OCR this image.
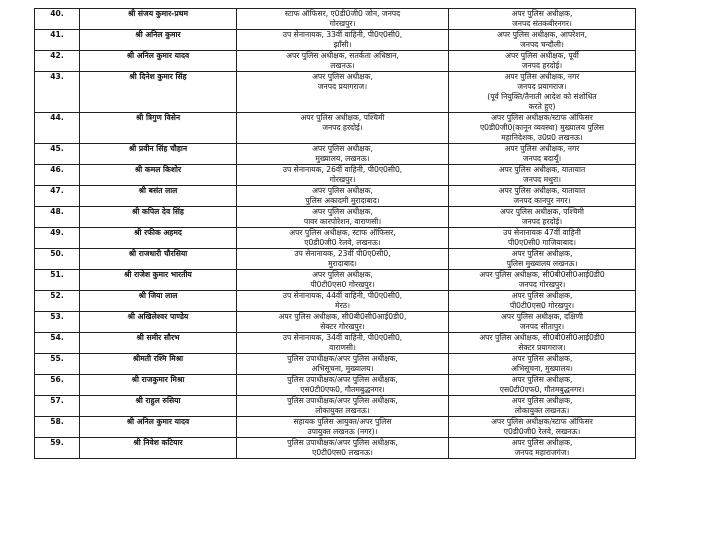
40.	श्री संजय कुमार-प्रथम	स्टाफ ऑफिसर, ए0डी0जी0 जोन, जनपद
गोरखपुर।	अपर पुलिस अधीक्षक,
जनपद संतकबीरनगर।

41.	श्री अनिल कुमार	उप सेनानायक, 33वीं वाहिनी, पी0ए0सी0,
झाँसी।	अपर पुलिस अधीक्षक, आपरेशन,
जनपद चन्दौली।

42.	श्री अनिल कुमार यादव	अपर पुलिस अधीक्षक, सतर्कता अधिष्ठान,
लखनऊ।	अपर पुलिस अधीक्षक, पूर्वी
जनपद हरदोई।

43.	श्री दिनेश कुमार सिंह	अपर पुलिस अधीक्षक,
जनपद प्रयागराज।	अपर पुलिस अधीक्षक, नगर
जनपद प्रयागराज।
(पूर्व नियुक्ति/तैनाती आदेश को संशोधित
करते हुए)

44.	श्री त्रिगुण विसेन	अपर पुलिस अधीक्षक, पश्चिमी
जनपद हरदोई।	अपर पुलिस अधीक्षक/स्टाफ ऑफिसर
ए0डी0जी0(कानून व्यवस्था) मुख्यालय पुलिस
महानिदेशक, उ0प्र0 लखनऊ।

45.	श्री प्रवीन सिंह चौहान	अपर पुलिस अधीक्षक,
मुख्यालय, लखनऊ।	अपर पुलिस अधीक्षक, नगर
जनपद बदायूँ।

46.	श्री कमल किशोर	उप सेनानायक, 26वीं वाहिनी, पी0ए0सी0,
गोरखपुर।	अपर पुलिस अधीक्षक, यातायात
जनपद मथुरा।

47.	श्री बसंत लाल	अपर पुलिस अधीक्षक,
पुलिस अकादमी मुरादाबाद।	अपर पुलिस अधीक्षक, यातायात
जनपद कानपुर नगर।

48.	श्री कपिल देव सिंह	अपर पुलिस अधीक्षक,
पावर कारपोरेशन, वाराणसी।	अपर पुलिस अधीक्षक, पश्चिमी
जनपद हरदोई।

49.	श्री रफीक अहमद	अपर पुलिस अधीक्षक, स्टाफ ऑफिसर,
ए0डी0जी0 रेलवे, लखनऊ।	उप सेनानायक 47वीं वाहिनी
पी0ए0सी0 गाजियाबाद।

50.	श्री राजधारी चौरसिया	उप सेनानायक, 23वीं पी0ए0सी0,
मुरादाबाद।	अपर पुलिस अधीक्षक,
पुलिस मुख्यालय लखनऊ।

51.	श्री राजेश कुमार भारतीय	अपर पुलिस अधीक्षक,
पी0टी0एस0 गोरखपुर।	अपर पुलिस अधीक्षक, सी0बी0सी0आई0डी0
जनपद गोरखपुर।

52.	श्री जिया लाल	उप सेनानायक, 44वीं वाहिनी, पी0ए0सी0,
मेरठ।	अपर पुलिस अधीक्षक,
पी0टी0एस0 गोरखपुर।

53.	श्री अखिलेश्वर पाण्डेय	अपर पुलिस अधीक्षक, सी0बी0सी0आई0डी0,
सेक्टर गोरखपुर।	अपर पुलिस अधीक्षक, दक्षिणी
जनपद सीतापुर।

54.	श्री समीर सौरभ	उप सेनानायक, 34वीं वाहिनी, पी0ए0सी0,
वाराणसी।	अपर पुलिस अधीक्षक, सी0बी0सी0आई0डी0
सेक्टर प्रयागराज।

55.	श्रीमती रश्मि मिश्रा	पुलिस उपाधीक्षक/अपर पुलिस अधीक्षक,
अभिसूचना, मुख्यालय।	अपर पुलिस अधीक्षक,
अभिसूचना, मुख्यालय।

56.	श्री राजकुमार मिश्रा	पुलिस उपाधीक्षक/अपर पुलिस अधीक्षक,
एस0टी0एफ0, गौतमबुद्धनगर।	अपर पुलिस अधीक्षक,
एस0टी0एफ0, गौतमबुद्धनगर।

57.	श्री राहुल रुसिया	पुलिस उपाधीक्षक/अपर पुलिस अधीक्षक,
लोकायुक्त लखनऊ।	अपर पुलिस अधीक्षक,
लोकायुक्त लखनऊ।

58.	श्री अनिल कुमार यादव	सहायक पुलिस आयुक्त/अपर पुलिस
उपायुक्त लखनऊ (नगर)।	अपर पुलिस अधीक्षक/स्टाफ ऑफिसर
ए0डी0जी0 रेलवे, लखनऊ।

59.	श्री निवेश कटियार	पुलिस उपाधीक्षक/अपर पुलिस अधीक्षक,
ए0टी0एस0 लखनऊ।	अपर पुलिस अधीक्षक,
जनपद महाराजगंज।
